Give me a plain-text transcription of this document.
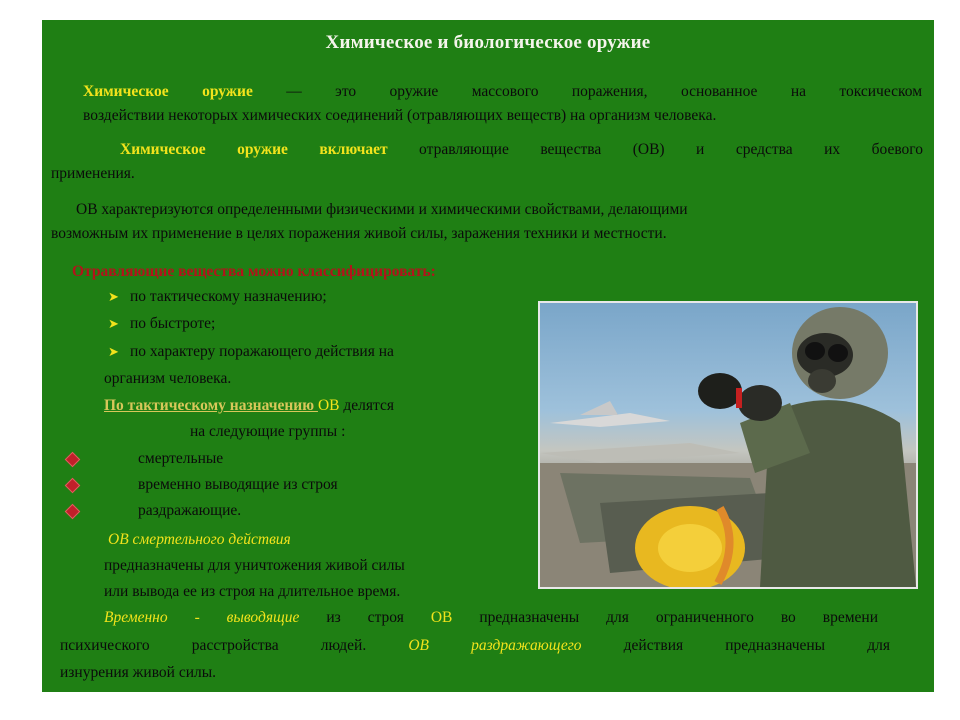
Химическое и биологическое оружие
Химическое оружие — это оружие массового поражения, основанное на токсическом
воздействии некоторых химических соединений (отравляющих веществ) на организм человека.
Химическое оружие включает отравляющие вещества (ОВ) и средства их боевого
применения.
ОВ характеризуются определенными физическими и химическими свойствами, делающими
возможным их применение в целях поражения живой силы, заражения техники и местности.
Отравляющие вещества можно классифицировать:
➤ по тактическому назначению;
➤ по быстроте;
➤ по характеру поражающего действия на
организм человека.
По тактическому назначению ОВ делятся
на следующие группы :
смертельные
временно выводящие из строя
раздражающие.
ОВ смертельного действия
предназначены для уничтожения живой силы
или вывода ее из строя на длительное время.
Временно - выводящие из строя ОВ предназначены для ограниченного во времени
психического расстройства людей. ОВ раздражающего действия предназначены для
изнурения живой силы.
